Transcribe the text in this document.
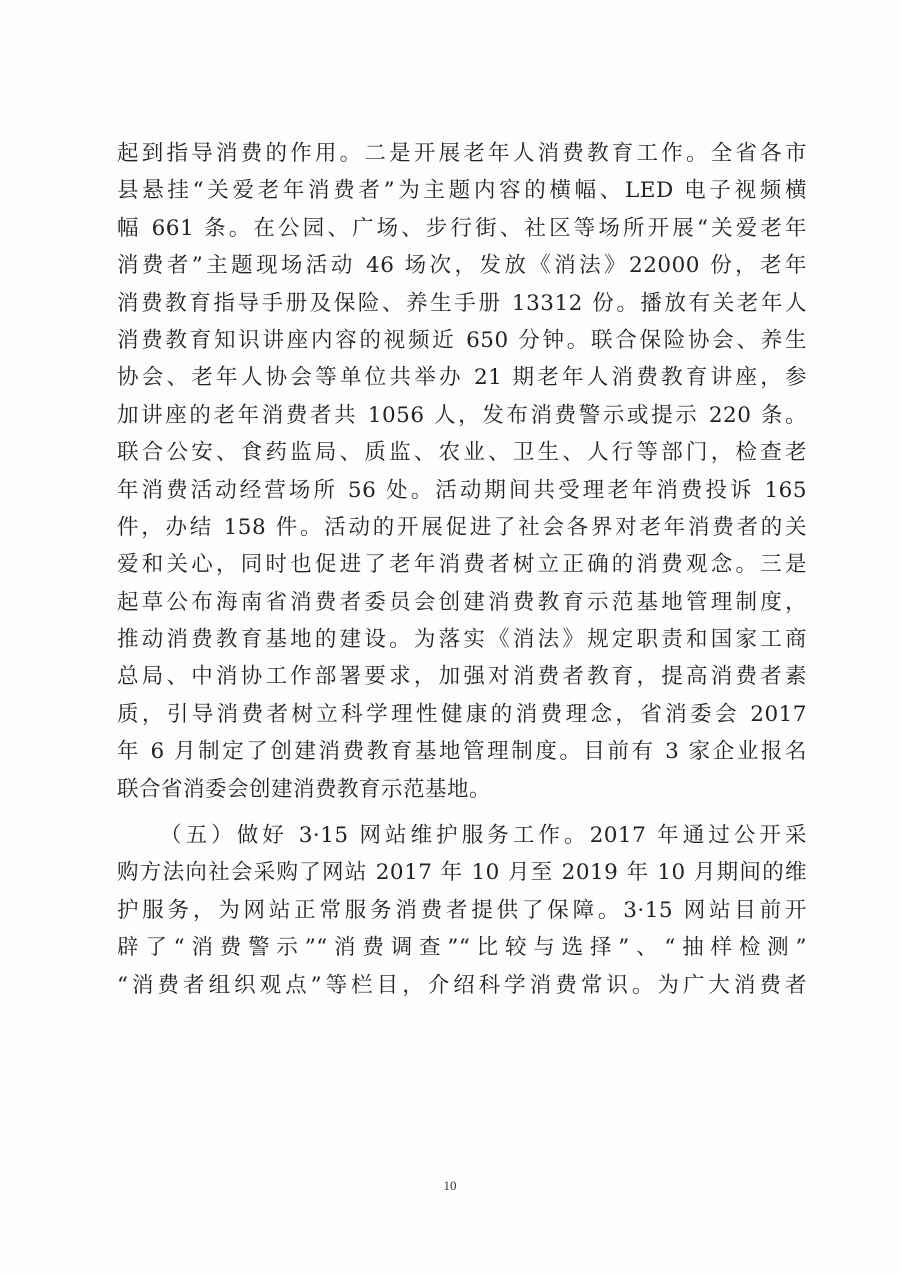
起到指导消费的作用。二是开展老年人消费教育工作。全省各市
县悬挂“关爱老年消费者”为主题内容的横幅、LED 电子视频横
幅 661 条。在公园、广场、步行街、社区等场所开展“关爱老年
消费者”主题现场活动 46 场次，发放《消法》22000 份，老年
消费教育指导手册及保险、养生手册 13312 份。播放有关老年人
消费教育知识讲座内容的视频近 650 分钟。联合保险协会、养生
协会、老年人协会等单位共举办 21 期老年人消费教育讲座，参
加讲座的老年消费者共 1056 人，发布消费警示或提示 220 条。
联合公安、食药监局、质监、农业、卫生、人行等部门，检查老
年消费活动经营场所 56 处。活动期间共受理老年消费投诉 165
件，办结 158 件。活动的开展促进了社会各界对老年消费者的关
爱和关心，同时也促进了老年消费者树立正确的消费观念。三是
起草公布海南省消费者委员会创建消费教育示范基地管理制度，
推动消费教育基地的建设。为落实《消法》规定职责和国家工商
总局、中消协工作部署要求，加强对消费者教育，提高消费者素
质，引导消费者树立科学理性健康的消费理念，省消委会 2017
年 6 月制定了创建消费教育基地管理制度。目前有 3 家企业报名
联合省消委会创建消费教育示范基地。
（五）做好 3·15 网站维护服务工作。2017 年通过公开采
购方法向社会采购了网站 2017 年 10 月至 2019 年 10 月期间的维
护服务，为网站正常服务消费者提供了保障。3·15 网站目前开
辟了“消费警示”“消费调查”“比较与选择”、“抽样检测”
“消费者组织观点”等栏目，介绍科学消费常识。为广大消费者
10
